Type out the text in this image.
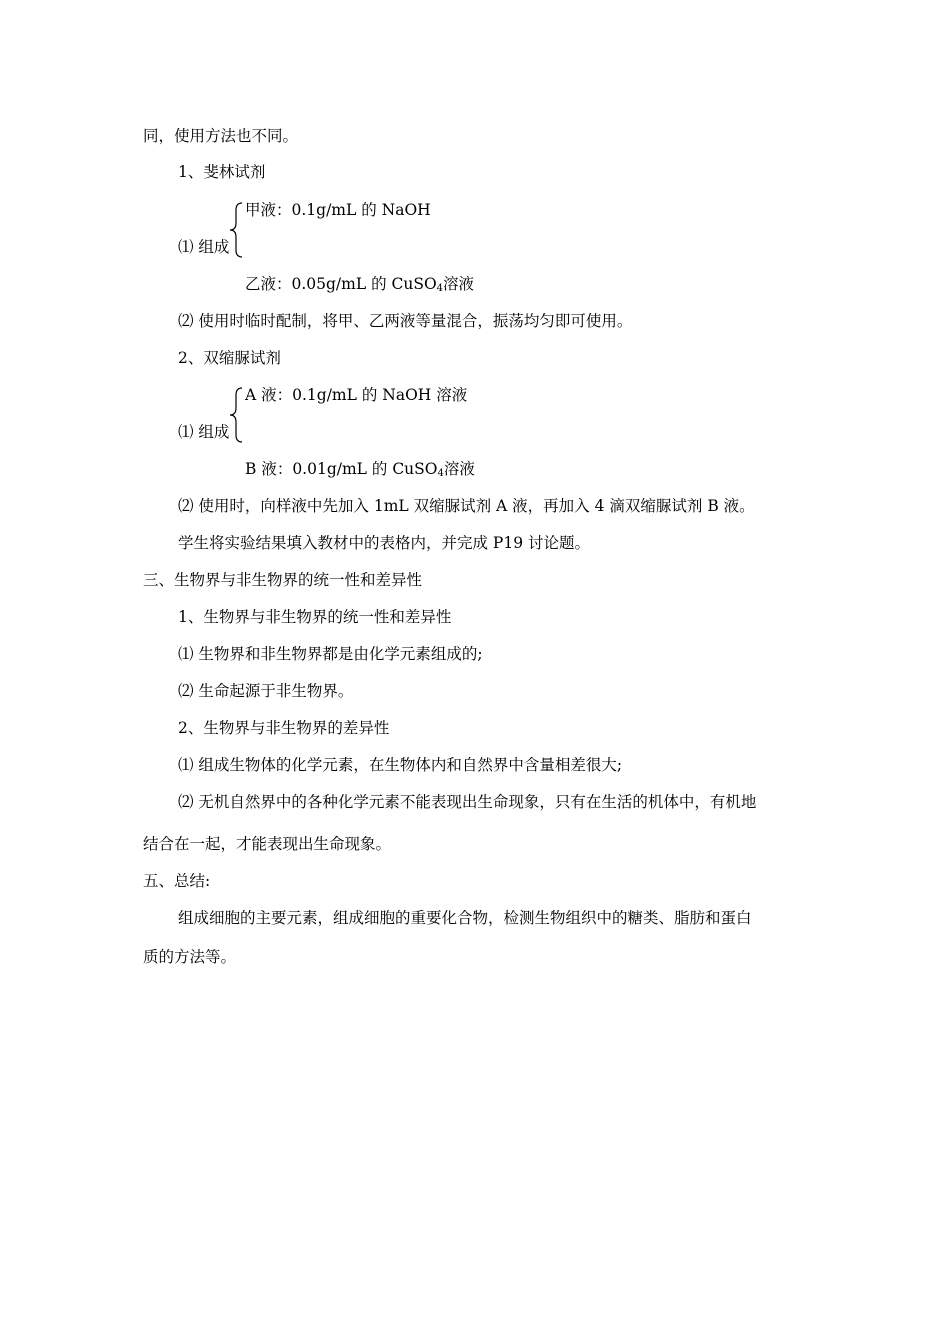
同，使用方法也不同。
1、斐林试剂
甲液：0.1g/mL 的 NaOH
⑴ 组成
乙液：0.05g/mL 的 CuSO$_4$溶液
⑵ 使用时临时配制，将甲、乙两液等量混合，振荡均匀即可使用。
2、双缩脲试剂
A 液：0.1g/mL 的 NaOH 溶液
⑴ 组成
B 液：0.01g/mL 的 CuSO$_4$溶液
⑵ 使用时，向样液中先加入 1mL 双缩脲试剂 A 液，再加入 4 滴双缩脲试剂 B 液。
学生将实验结果填入教材中的表格内，并完成 P19 讨论题。
三、生物界与非生物界的统一性和差异性
1、生物界与非生物界的统一性和差异性
⑴ 生物界和非生物界都是由化学元素组成的;
⑵ 生命起源于非生物界。
2、生物界与非生物界的差异性
⑴ 组成生物体的化学元素，在生物体内和自然界中含量相差很大;
⑵ 无机自然界中的各种化学元素不能表现出生命现象，只有在生活的机体中，有机地
结合在一起，才能表现出生命现象。
五、总结:
组成细胞的主要元素，组成细胞的重要化合物，检测生物组织中的糖类、脂肪和蛋白
质的方法等。
